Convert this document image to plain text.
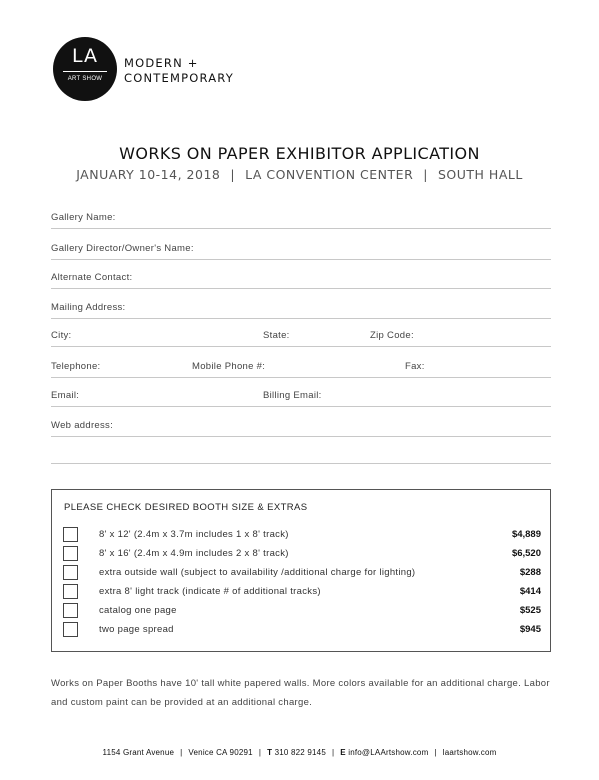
LA
ART SHOW
MODERN +
CONTEMPORARY
WORKS ON PAPER EXHIBITOR APPLICATION
JANUARY 10-14, 2018 | LA CONVENTION CENTER | SOUTH HALL
Gallery Name:
Gallery Director/Owner's Name:
Alternate Contact:
Mailing Address:
City:	State:	Zip Code:
Telephone:	Mobile Phone #:	Fax:
Email:	Billing Email:
Web address:
PLEASE CHECK DESIRED BOOTH SIZE & EXTRAS
8' x 12' (2.4m x 3.7m includes 1 x 8' track)	$4,889
8' x 16' (2.4m x 4.9m includes 2 x 8' track)	$6,520
extra outside wall (subject to availability /additional charge for lighting)	$288
extra 8' light track (indicate # of additional tracks)	$414
catalog one page	$525
two page spread	$945
Works on Paper Booths have 10' tall white papered walls. More colors available for an additional charge. Labor and custom paint can be provided at an additional charge.
1154 Grant Avenue | Venice CA 90291 | T 310 822 9145 | E info@LAArtshow.com | laartshow.com
